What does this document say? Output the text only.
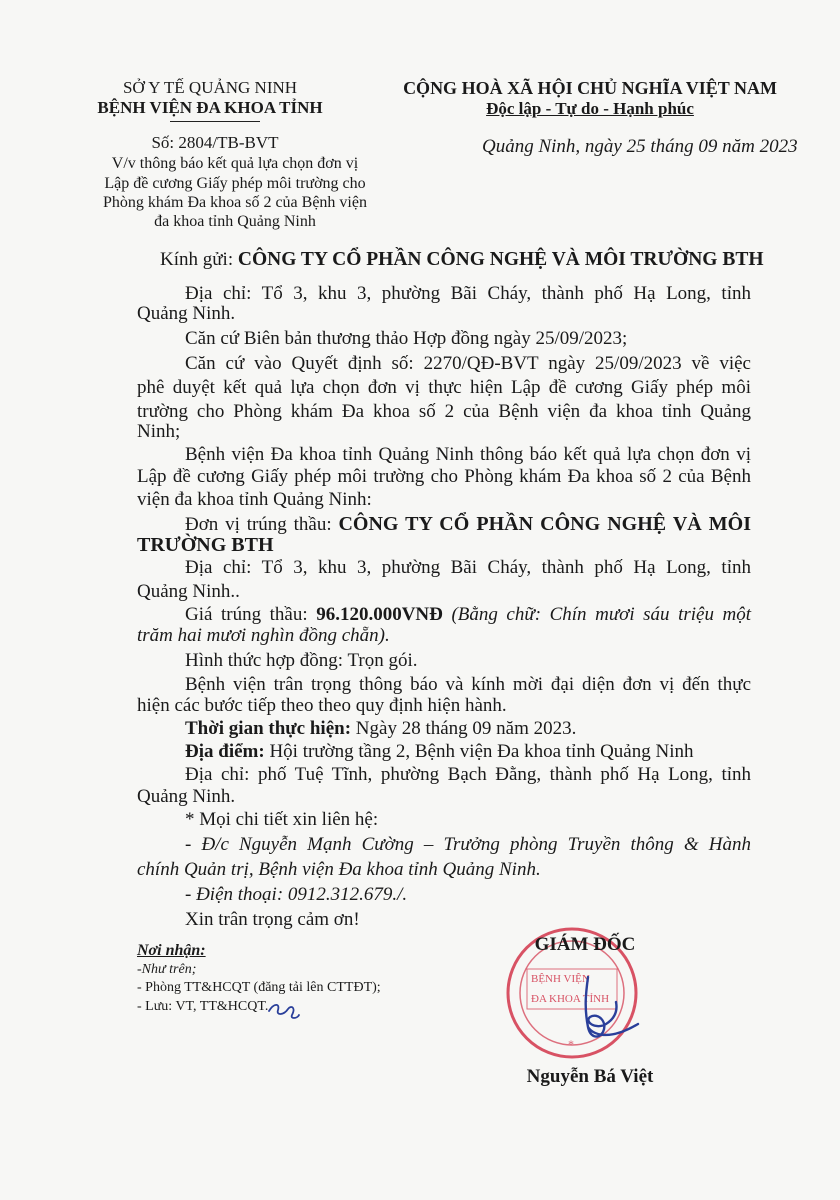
SỞ Y TẾ QUẢNG NINH
BỆNH VIỆN ĐA KHOA TỈNH
Số: 2804/TB-BVT
V/v thông báo kết quả lựa chọn đơn vị
Lập đề cương Giấy phép môi trường cho
Phòng khám Đa khoa số 2 của Bệnh viện
đa khoa tỉnh Quảng Ninh
CỘNG HOÀ XÃ HỘI CHỦ NGHĨA VIỆT NAM
Độc lập - Tự do - Hạnh phúc
Quảng Ninh, ngày 25 tháng 09 năm 2023
Kính gửi: CÔNG TY CỔ PHẦN CÔNG NGHỆ VÀ MÔI TRƯỜNG BTH
Địa chỉ: Tổ 3, khu 3, phường Bãi Cháy, thành phố Hạ Long, tỉnh
Quảng Ninh.
Căn cứ Biên bản thương thảo Hợp đồng ngày 25/09/2023;
Căn cứ vào Quyết định số: 2270/QĐ-BVT ngày 25/09/2023 về việc
phê duyệt kết quả lựa chọn đơn vị thực hiện Lập đề cương Giấy phép môi
trường cho Phòng khám Đa khoa số 2 của Bệnh viện đa khoa tỉnh Quảng
Ninh;
Bệnh viện Đa khoa tỉnh Quảng Ninh thông báo kết quả lựa chọn đơn vị
Lập đề cương Giấy phép môi trường cho Phòng khám Đa khoa số 2 của Bệnh
viện đa khoa tỉnh Quảng Ninh:
Đơn vị trúng thầu: CÔNG TY CỔ PHẦN CÔNG NGHỆ VÀ MÔI
TRƯỜNG BTH
Địa chỉ: Tổ 3, khu 3, phường Bãi Cháy, thành phố Hạ Long, tỉnh
Quảng Ninh..
Giá trúng thầu: 96.120.000VNĐ (Bằng chữ: Chín mươi sáu triệu một
trăm hai mươi nghìn đồng chẵn).
Hình thức hợp đồng: Trọn gói.
Bệnh viện trân trọng thông báo và kính mời đại diện đơn vị đến thực
hiện các bước tiếp theo theo quy định hiện hành.
Thời gian thực hiện: Ngày 28 tháng 09 năm 2023.
Địa điểm: Hội trường tầng 2, Bệnh viện Đa khoa tỉnh Quảng Ninh
Địa chỉ: phố Tuệ Tĩnh, phường Bạch Đằng, thành phố Hạ Long, tỉnh
Quảng Ninh.
* Mọi chi tiết xin liên hệ:
- Đ/c Nguyễn Mạnh Cường – Trưởng phòng Truyền thông & Hành
chính Quản trị, Bệnh viện Đa khoa tỉnh Quảng Ninh.
- Điện thoại: 0912.312.679./.
Xin trân trọng cảm ơn!
Nơi nhận:
-Như trên;
- Phòng TT&HCQT (đăng tải lên CTTĐT);
- Lưu: VT, TT&HCQT.
BỆNH VIỆN
ĐA KHOA TỈNH
*
GIÁM ĐỐC
Nguyễn Bá Việt
